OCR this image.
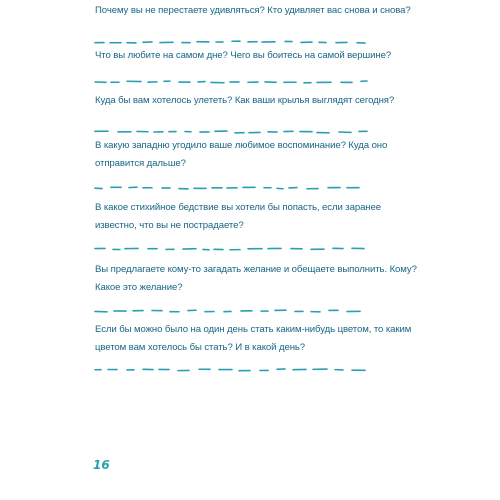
Почему вы не перестаете удивляться? Кто удивляет вас снова и снова?
Что вы любите на самом дне? Чего вы боитесь на самой вершине?
Куда бы вам хотелось улететь? Как ваши крылья выглядят сегодня?
В какую западню угодило ваше любимое воспоминание? Куда оно отправится дальше?
В какое стихийное бедствие вы хотели бы попасть, если заранее известно, что вы не пострадаете?
Вы предлагаете кому-то загадать желание и обещаете выполнить. Кому? Какое это желание?
Если бы можно было на один день стать каким-нибудь цветом, то каким цветом вам хотелось бы стать? И в какой день?
16
